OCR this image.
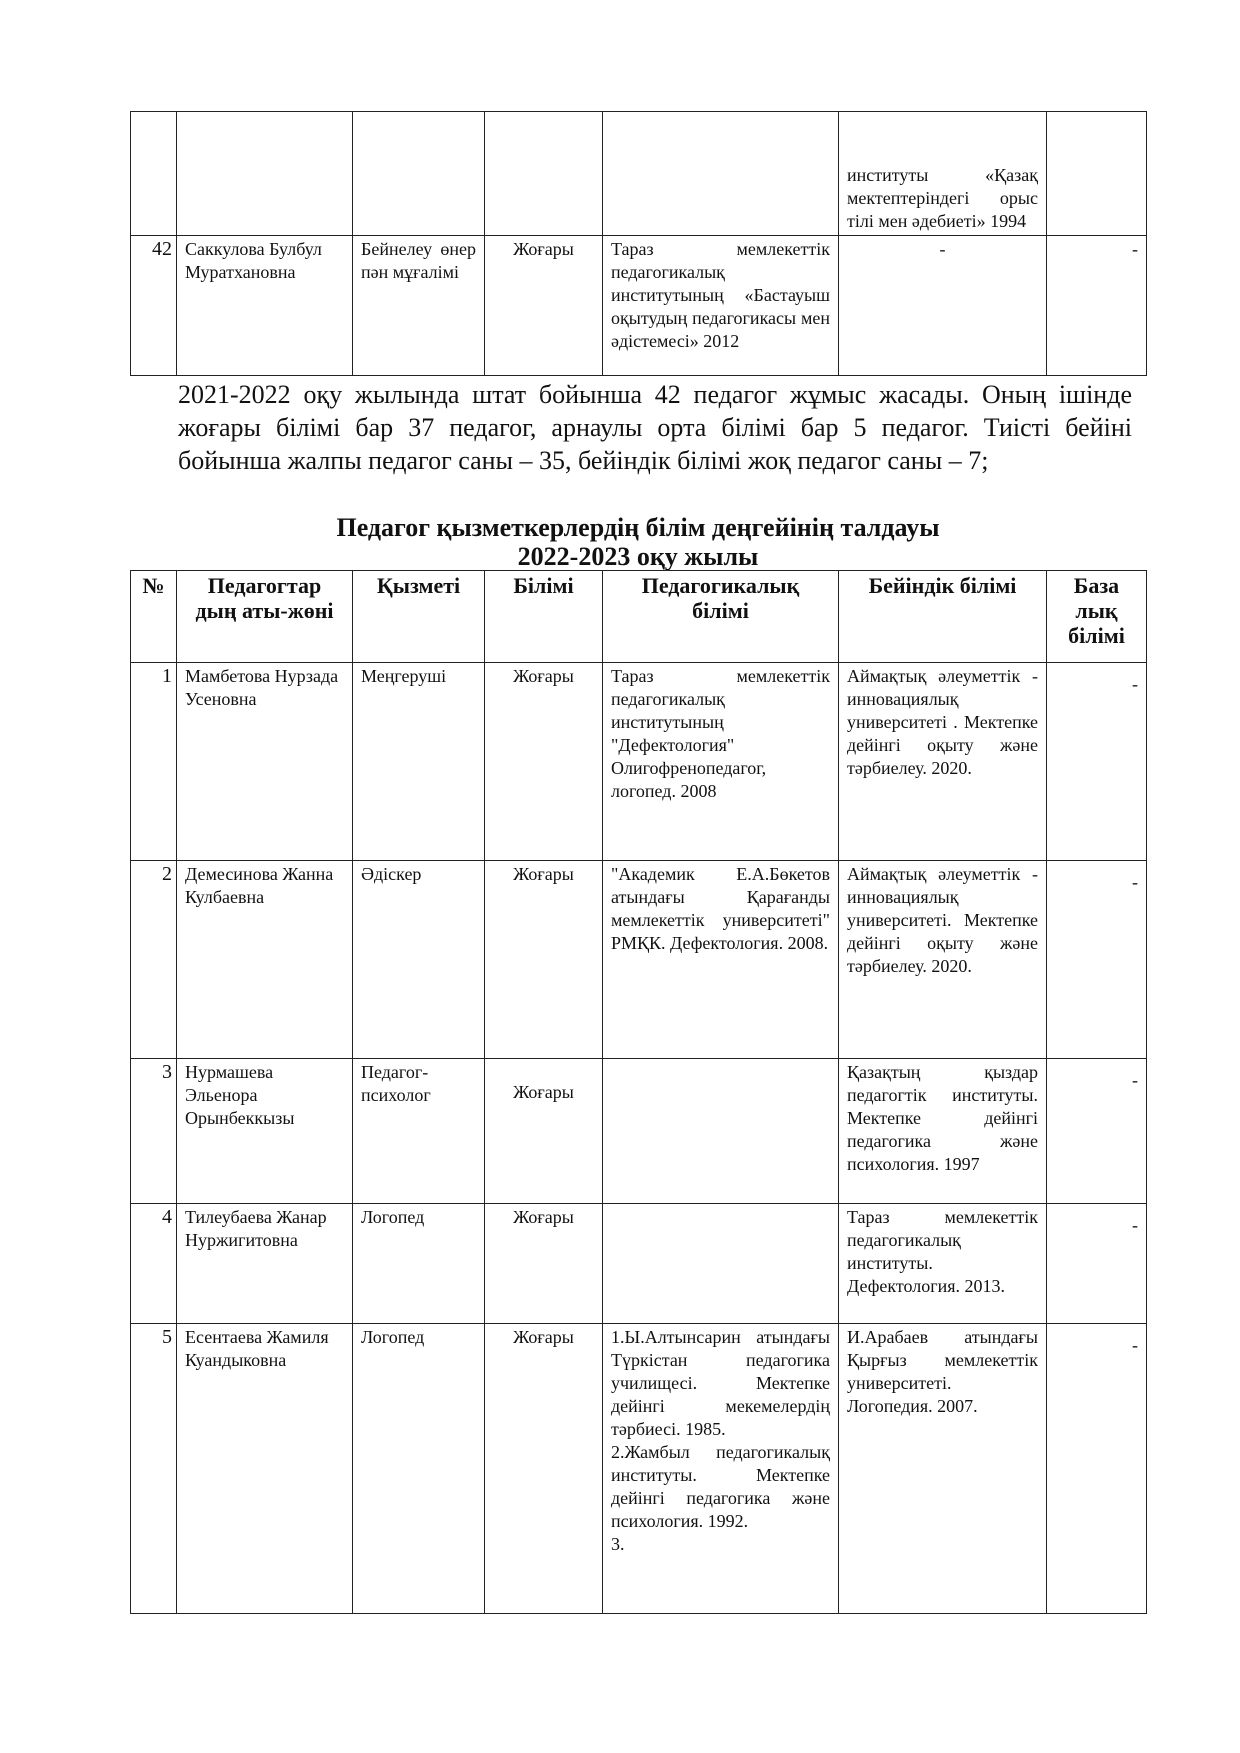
					институты «Қазақ мектептеріндегі орыс тілі мен әдебиеті» 1994	
42	Саккулова Булбул Муратхановна	Бейнелеу өнер пән мұғалімі	Жоғары	Тараз мемлекеттік педагогикалық институтының «Бастауыш оқытудың педагогикасы мен әдістемесі» 2012	-	-
2021-2022 оқу жылында штат бойынша 42 педагог жұмыс жасады. Оның ішінде жоғары білімі бар 37 педагог, арнаулы орта білімі бар 5 педагог. Тиісті бейіні бойынша жалпы педагог саны – 35, бейіндік білімі жоқ педагог саны – 7;
Педагог қызметкерлердің білім деңгейінің талдауы
2022-2023 оқу жылы
№	Педагогтар дың аты-жөні	Қызметі	Білімі	Педагогикалық білімі	Бейіндік білімі	База лық білімі
1	Мамбетова Нурзада Усеновна	Меңгеруші	Жоғары	Тараз мемлекеттік педагогикалық институтының "Дефектология" Олигофренопедагог, логопед. 2008	Аймақтық әлеуметтік - инновациялық университеті . Мектепке дейінгі оқыту және тәрбиелеу. 2020.	-
2	Демесинова Жанна Кулбаевна	Әдіскер	Жоғары	"Академик Е.А.Бөкетов атындағы Қарағанды мемлекеттік университеті" РМҚК. Дефектология. 2008.	Аймақтық әлеуметтік - инновациялық университеті. Мектепке дейінгі оқыту және тәрбиелеу. 2020.	-
3	Нурмашева Эльенора Орынбеккызы	Педагог-психолог	Жоғары		Қазақтың қыздар педагогтік институты. Мектепке дейінгі педагогика және психология. 1997	-
4	Тилеубаева Жанар Нуржигитовна	Логопед	Жоғары		Тараз мемлекеттік педагогикалық институты. Дефектология. 2013.	-
5	Есентаева Жамиля Куандыковна	Логопед	Жоғары	1.Ы.Алтынсарин атындағы Түркістан педагогика училищесі. Мектепке дейінгі мекемелердің тәрбиесі. 1985.
2.Жамбыл педагогикалық институты. Мектепке дейінгі педагогика және психология. 1992.
3.	И.Арабаев атындағы Қырғыз мемлекеттік университеті. Логопедия. 2007.	-
